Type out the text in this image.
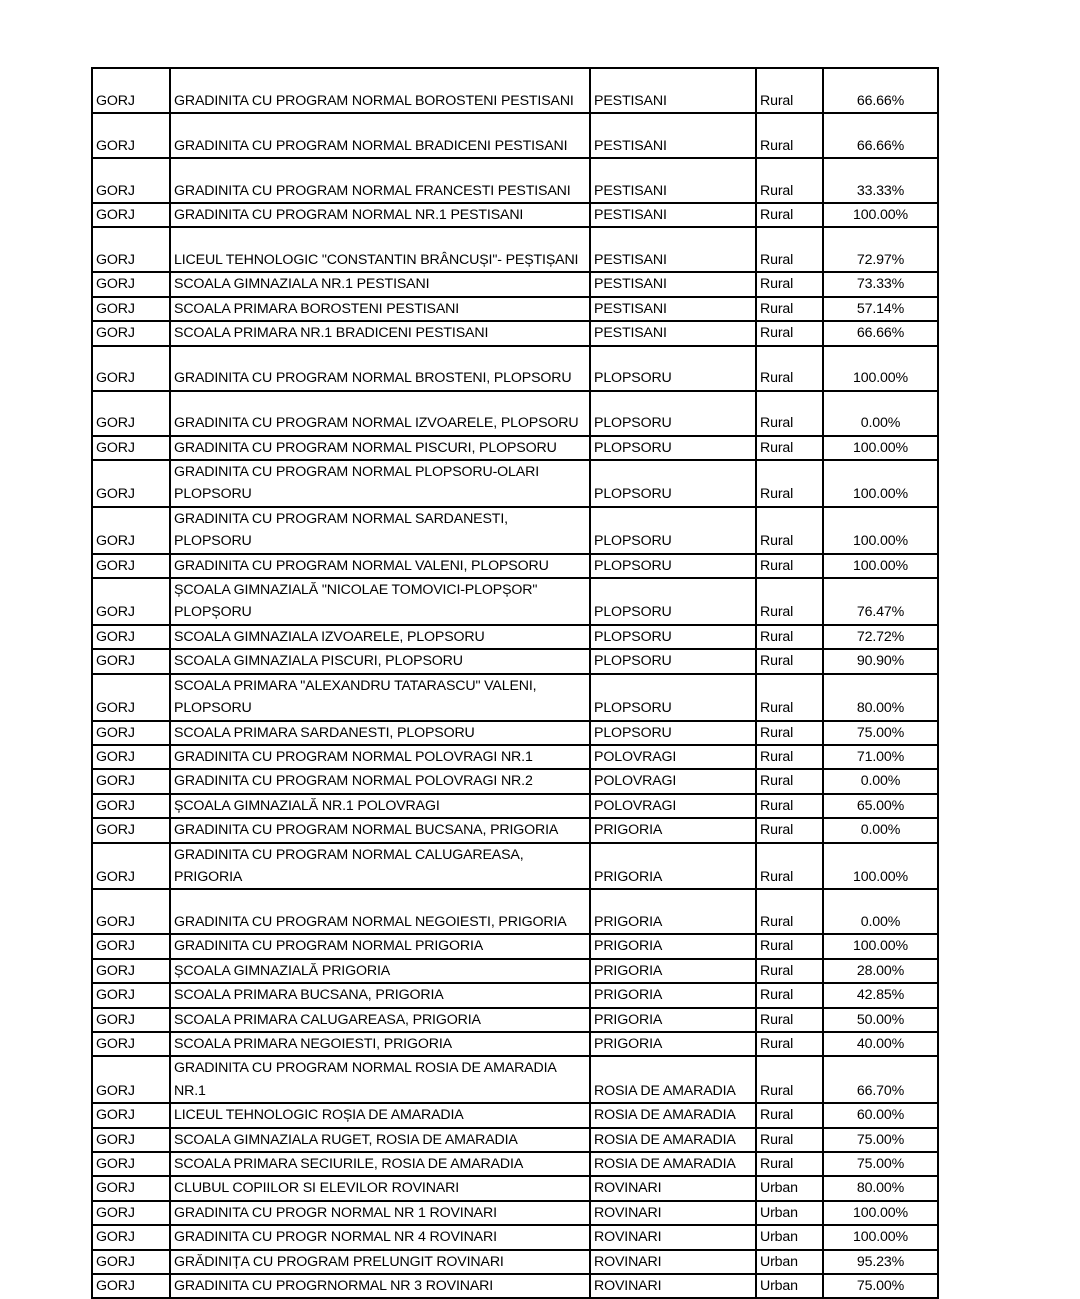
GORJ	GRADINITA CU PROGRAM NORMAL BOROSTENI PESTISANI	PESTISANI	Rural	66.66%
GORJ	GRADINITA CU PROGRAM NORMAL BRADICENI PESTISANI	PESTISANI	Rural	66.66%
GORJ	GRADINITA CU PROGRAM NORMAL FRANCESTI PESTISANI	PESTISANI	Rural	33.33%
GORJ	GRADINITA CU PROGRAM NORMAL NR.1 PESTISANI	PESTISANI	Rural	100.00%
GORJ	LICEUL TEHNOLOGIC "CONSTANTIN BRÂNCUȘI"- PEȘTIȘANI	PESTISANI	Rural	72.97%
GORJ	SCOALA GIMNAZIALA NR.1 PESTISANI	PESTISANI	Rural	73.33%
GORJ	SCOALA PRIMARA BOROSTENI PESTISANI	PESTISANI	Rural	57.14%
GORJ	SCOALA PRIMARA NR.1 BRADICENI PESTISANI	PESTISANI	Rural	66.66%
GORJ	GRADINITA CU PROGRAM NORMAL BROSTENI, PLOPSORU	PLOPSORU	Rural	100.00%
GORJ	GRADINITA CU PROGRAM NORMAL IZVOARELE, PLOPSORU	PLOPSORU	Rural	0.00%
GORJ	GRADINITA CU PROGRAM NORMAL PISCURI, PLOPSORU	PLOPSORU	Rural	100.00%
GORJ	GRADINITA CU PROGRAM NORMAL PLOPSORU-OLARI PLOPSORU	PLOPSORU	Rural	100.00%
GORJ	GRADINITA CU PROGRAM NORMAL SARDANESTI, PLOPSORU	PLOPSORU	Rural	100.00%
GORJ	GRADINITA CU PROGRAM NORMAL VALENI, PLOPSORU	PLOPSORU	Rural	100.00%
GORJ	ȘCOALA GIMNAZIALĂ "NICOLAE TOMOVICI-PLOPȘOR" PLOPȘORU	PLOPSORU	Rural	76.47%
GORJ	SCOALA GIMNAZIALA IZVOARELE, PLOPSORU	PLOPSORU	Rural	72.72%
GORJ	SCOALA GIMNAZIALA PISCURI, PLOPSORU	PLOPSORU	Rural	90.90%
GORJ	SCOALA PRIMARA "ALEXANDRU TATARASCU" VALENI, PLOPSORU	PLOPSORU	Rural	80.00%
GORJ	SCOALA PRIMARA SARDANESTI, PLOPSORU	PLOPSORU	Rural	75.00%
GORJ	GRADINITA CU PROGRAM NORMAL POLOVRAGI NR.1	POLOVRAGI	Rural	71.00%
GORJ	GRADINITA CU PROGRAM NORMAL POLOVRAGI NR.2	POLOVRAGI	Rural	0.00%
GORJ	ȘCOALA GIMNAZIALĂ NR.1 POLOVRAGI	POLOVRAGI	Rural	65.00%
GORJ	GRADINITA CU PROGRAM NORMAL BUCSANA, PRIGORIA	PRIGORIA	Rural	0.00%
GORJ	GRADINITA CU PROGRAM NORMAL CALUGAREASA, PRIGORIA	PRIGORIA	Rural	100.00%
GORJ	GRADINITA CU PROGRAM NORMAL NEGOIESTI, PRIGORIA	PRIGORIA	Rural	0.00%
GORJ	GRADINITA CU PROGRAM NORMAL PRIGORIA	PRIGORIA	Rural	100.00%
GORJ	ȘCOALA GIMNAZIALĂ PRIGORIA	PRIGORIA	Rural	28.00%
GORJ	SCOALA PRIMARA BUCSANA, PRIGORIA	PRIGORIA	Rural	42.85%
GORJ	SCOALA PRIMARA CALUGAREASA, PRIGORIA	PRIGORIA	Rural	50.00%
GORJ	SCOALA PRIMARA NEGOIESTI, PRIGORIA	PRIGORIA	Rural	40.00%
GORJ	GRADINITA CU PROGRAM NORMAL ROSIA DE AMARADIA NR.1	ROSIA DE AMARADIA	Rural	66.70%
GORJ	LICEUL TEHNOLOGIC ROȘIA DE AMARADIA	ROSIA DE AMARADIA	Rural	60.00%
GORJ	SCOALA GIMNAZIALA RUGET, ROSIA DE AMARADIA	ROSIA DE AMARADIA	Rural	75.00%
GORJ	SCOALA PRIMARA SECIURILE, ROSIA DE AMARADIA	ROSIA DE AMARADIA	Rural	75.00%
GORJ	CLUBUL COPIILOR SI ELEVILOR ROVINARI	ROVINARI	Urban	80.00%
GORJ	GRADINITA CU PROGR NORMAL NR 1 ROVINARI	ROVINARI	Urban	100.00%
GORJ	GRADINITA CU PROGR NORMAL NR 4 ROVINARI	ROVINARI	Urban	100.00%
GORJ	GRĂDINIȚA CU PROGRAM PRELUNGIT ROVINARI	ROVINARI	Urban	95.23%
GORJ	GRADINITA CU PROGRNORMAL NR 3 ROVINARI	ROVINARI	Urban	75.00%
